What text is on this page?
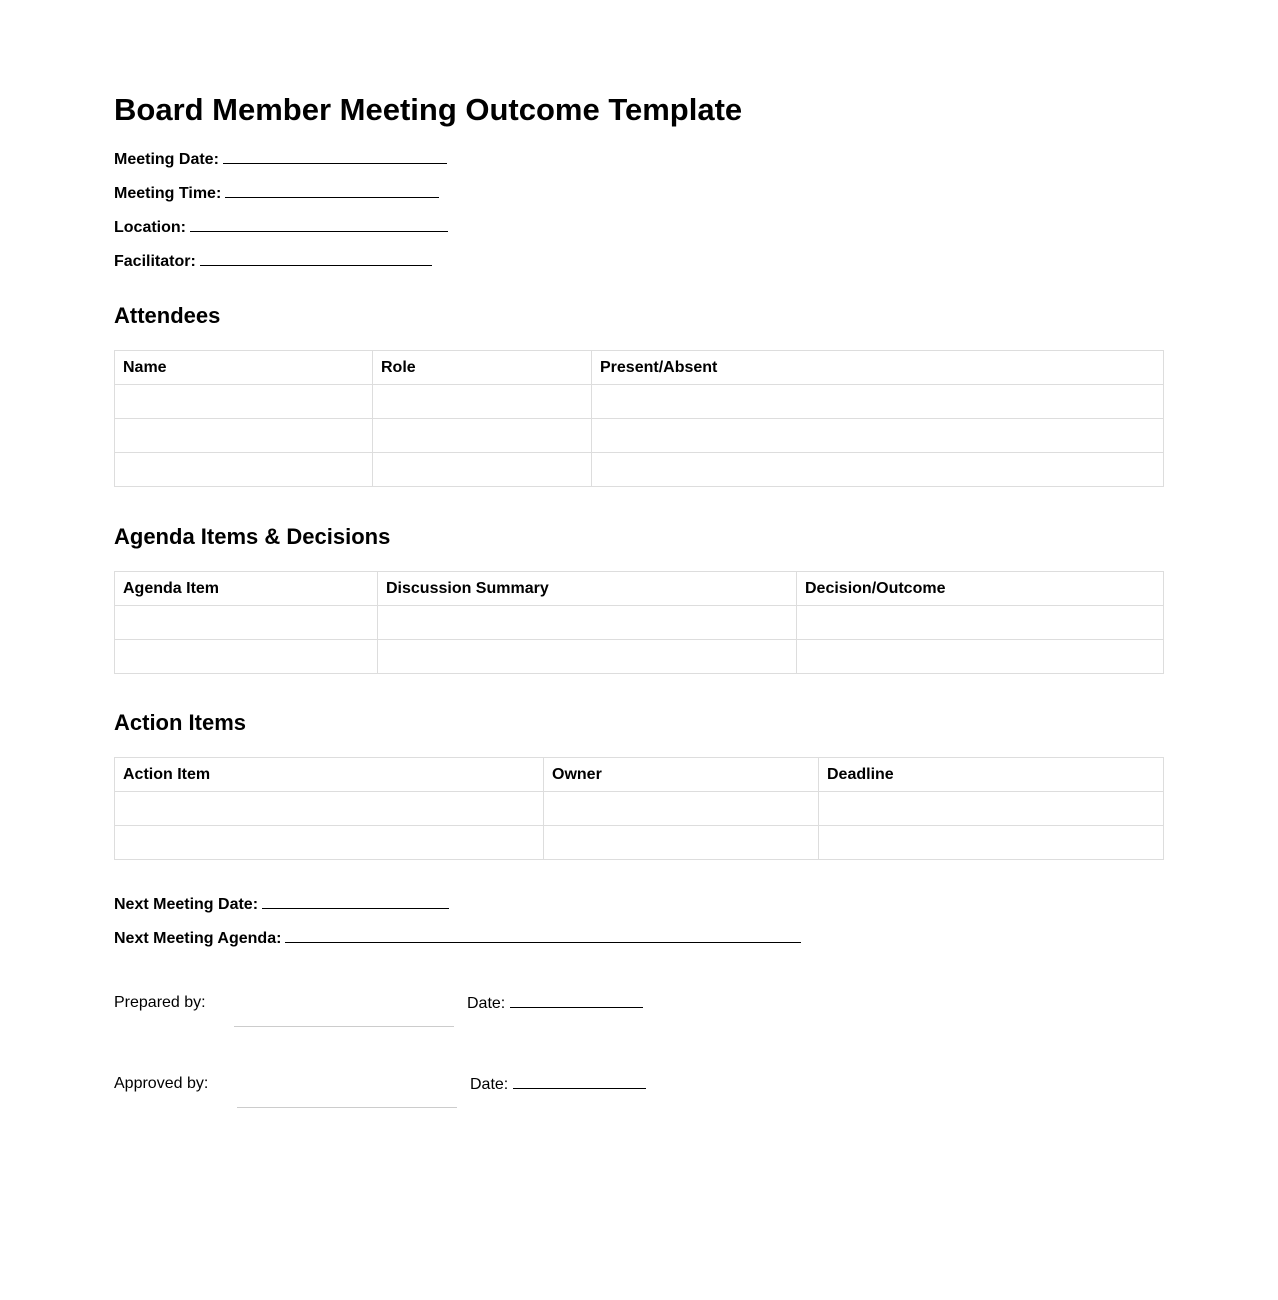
Board Member Meeting Outcome Template
Meeting Date:
Meeting Time:
Location:
Facilitator:
Attendees
Name	Role	Present/Absent

Agenda Items & Decisions
Agenda Item	Discussion Summary	Decision/Outcome

Action Items
Action Item	Owner	Deadline

Next Meeting Date:
Next Meeting Agenda:
Prepared by:	Date:
Approved by:	Date:
